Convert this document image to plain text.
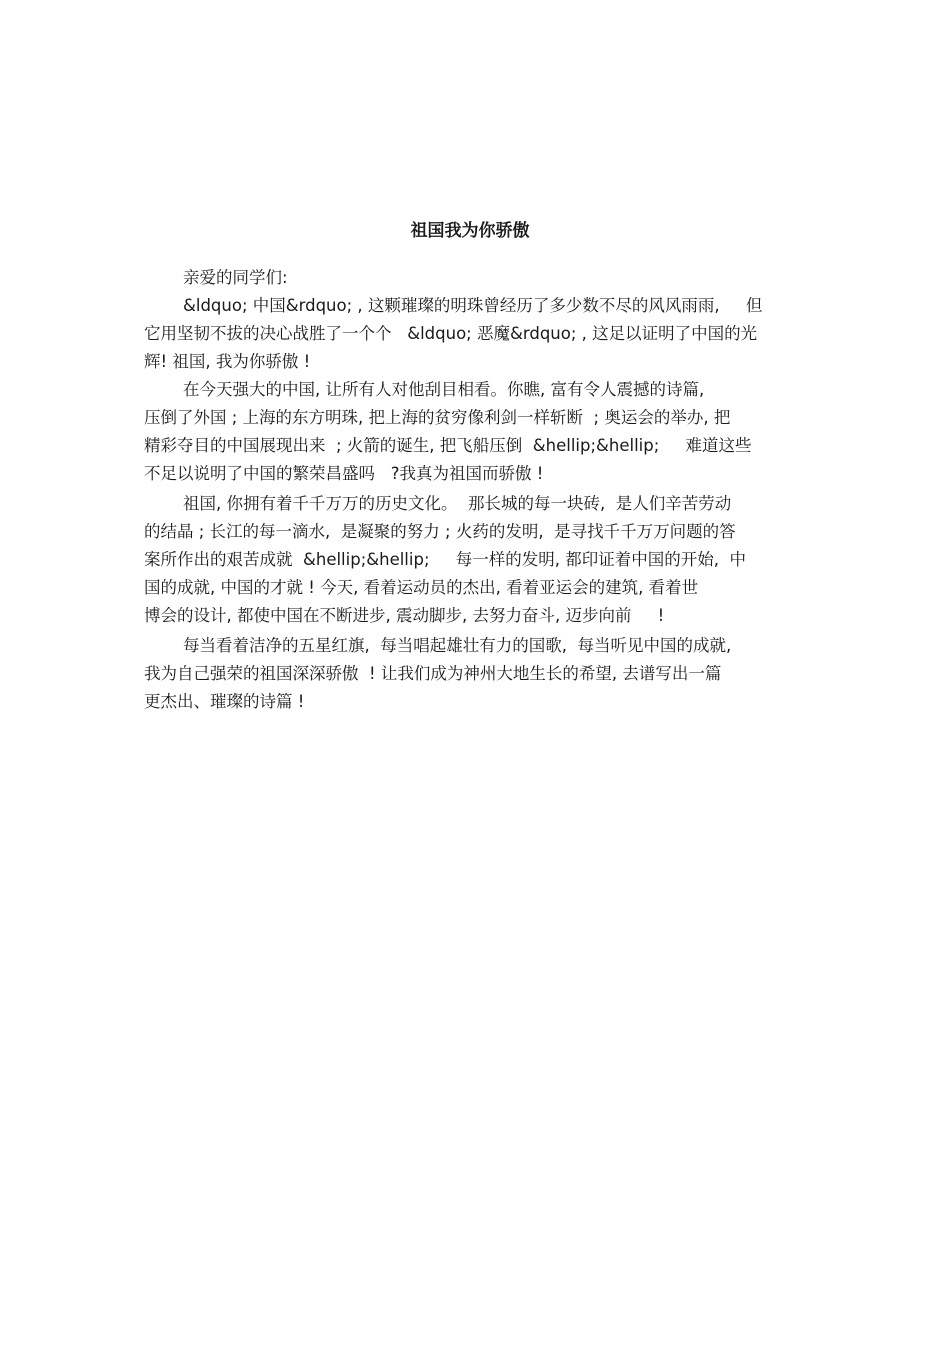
祖国我为你骄傲

亲爱的同学们:

&ldquo; 中国&rdquo; , 这颗璀璨的明珠曾经历了多少数不尽的风风雨雨,     但

它用坚韧不拔的决心战胜了一个个   &ldquo; 恶魔&rdquo; , 这足以证明了中国的光

辉! 祖国, 我为你骄傲 !

在今天强大的中国, 让所有人对他刮目相看。你瞧, 富有令人震撼的诗篇,

压倒了外国 ; 上海的东方明珠, 把上海的贫穷像利剑一样斩断  ; 奥运会的举办, 把

精彩夺目的中国展现出来  ; 火箭的诞生, 把飞船压倒  &hellip;&hellip;     难道这些

不足以说明了中国的繁荣昌盛吗   ?我真为祖国而骄傲 !

祖国, 你拥有着千千万万的历史文化。  那长城的每一块砖,  是人们辛苦劳动

的结晶 ; 长江的每一滴水,  是凝聚的努力 ; 火药的发明,  是寻找千千万万问题的答

案所作出的艰苦成就  &hellip;&hellip;     每一样的发明, 都印证着中国的开始,  中

国的成就, 中国的才就 ! 今天, 看着运动员的杰出, 看着亚运会的建筑, 看着世

博会的设计, 都使中国在不断进步, 震动脚步, 去努力奋斗, 迈步向前     !

每当看着洁净的五星红旗,  每当唱起雄壮有力的国歌,  每当听见中国的成就,

我为自己强荣的祖国深深骄傲  ! 让我们成为神州大地生长的希望, 去谱写出一篇

更杰出、璀璨的诗篇 !
